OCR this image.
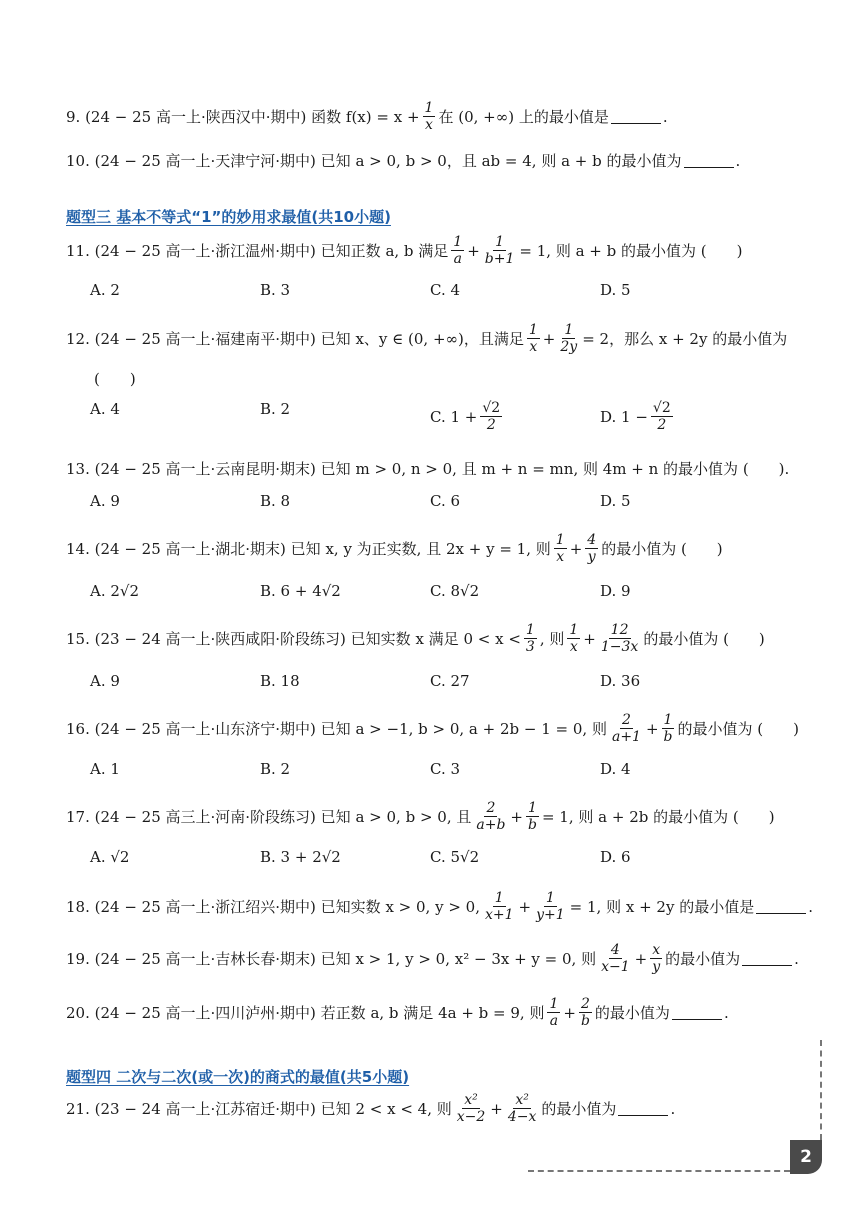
9. (24 − 25 高一上·陕西汉中·期中) 函数 $f(x) = x + \frac{1}{x}$ 在 (0, +∞) 上的最小值是	.
10. (24 − 25 高一上·天津宁河·期中) 已知 a > 0, b > 0，且 ab = 4, 则 a + b 的最小值为	.
题型三 基本不等式“1”的妙用求最值(共10小题)
11. (24 − 25 高一上·浙江温州·期中) 已知正数 a, b 满足 $\frac{1}{a} + \frac{1}{b+1} = 1$, 则 a + b 的最小值为 (　　)
A. 2	B. 3	C. 4	D. 5
12. (24 − 25 高一上·福建南平·期中) 已知 x、y ∈ (0, +∞)，且满足 $\frac{1}{x} + \frac{1}{2y} = 2$，那么 x + 2y 的最小值为
(　　)
A. 4	B. 2	C. $1 + \frac{√2}{2}$	D. $1 - \frac{√2}{2}$
13. (24 − 25 高一上·云南昆明·期末) 已知 m > 0, n > 0, 且 m + n = mn, 则 4m + n 的最小值为 (　　).
A. 9	B. 8	C. 6	D. 5
14. (24 − 25 高一上·湖北·期末) 已知 x, y 为正实数, 且 2x + y = 1, 则 $\frac{1}{x} + \frac{4}{y}$ 的最小值为 (　　)
A. 2√2	B. 6 + 4√2	C. 8√2	D. 9
15. (23 − 24 高一上·陕西咸阳·阶段练习) 已知实数 x 满足 $0 < x < \frac{1}{3}$ , 则 $\frac{1}{x} + \frac{12}{1-3x}$ 的最小值为 (　　)
A. 9	B. 18	C. 27	D. 36
16. (24 − 25 高一上·山东济宁·期中) 已知 a > −1, b > 0, a + 2b − 1 = 0, 则 $\frac{2}{a+1} + \frac{1}{b}$ 的最小值为 (　　)
A. 1	B. 2	C. 3	D. 4
17. (24 − 25 高三上·河南·阶段练习) 已知 a > 0, b > 0, 且 $\frac{2}{a+b} + \frac{1}{b} = 1$, 则 a + 2b 的最小值为 (　　)
A. √2	B. 3 + 2√2	C. 5√2	D. 6
18. (24 − 25 高一上·浙江绍兴·期中) 已知实数 x > 0, y > 0, $\frac{1}{x+1} + \frac{1}{y+1} = 1$, 则 x + 2y 的最小值是	.
19. (24 − 25 高一上·吉林长春·期末) 已知 x > 1, y > 0, x² − 3x + y = 0, 则 $\frac{4}{x-1} + \frac{x}{y}$ 的最小值为	.
20. (24 − 25 高一上·四川泸州·期中) 若正数 a, b 满足 4a + b = 9, 则 $\frac{1}{a} + \frac{2}{b}$ 的最小值为	.
题型四 二次与二次(或一次)的商式的最值(共5小题)
21. (23 − 24 高一上·江苏宿迁·期中) 已知 2 < x < 4, 则 $\frac{\text{x²}}{x-2} + \frac{\text{x²}}{4-x}$ 的最小值为	.
2
